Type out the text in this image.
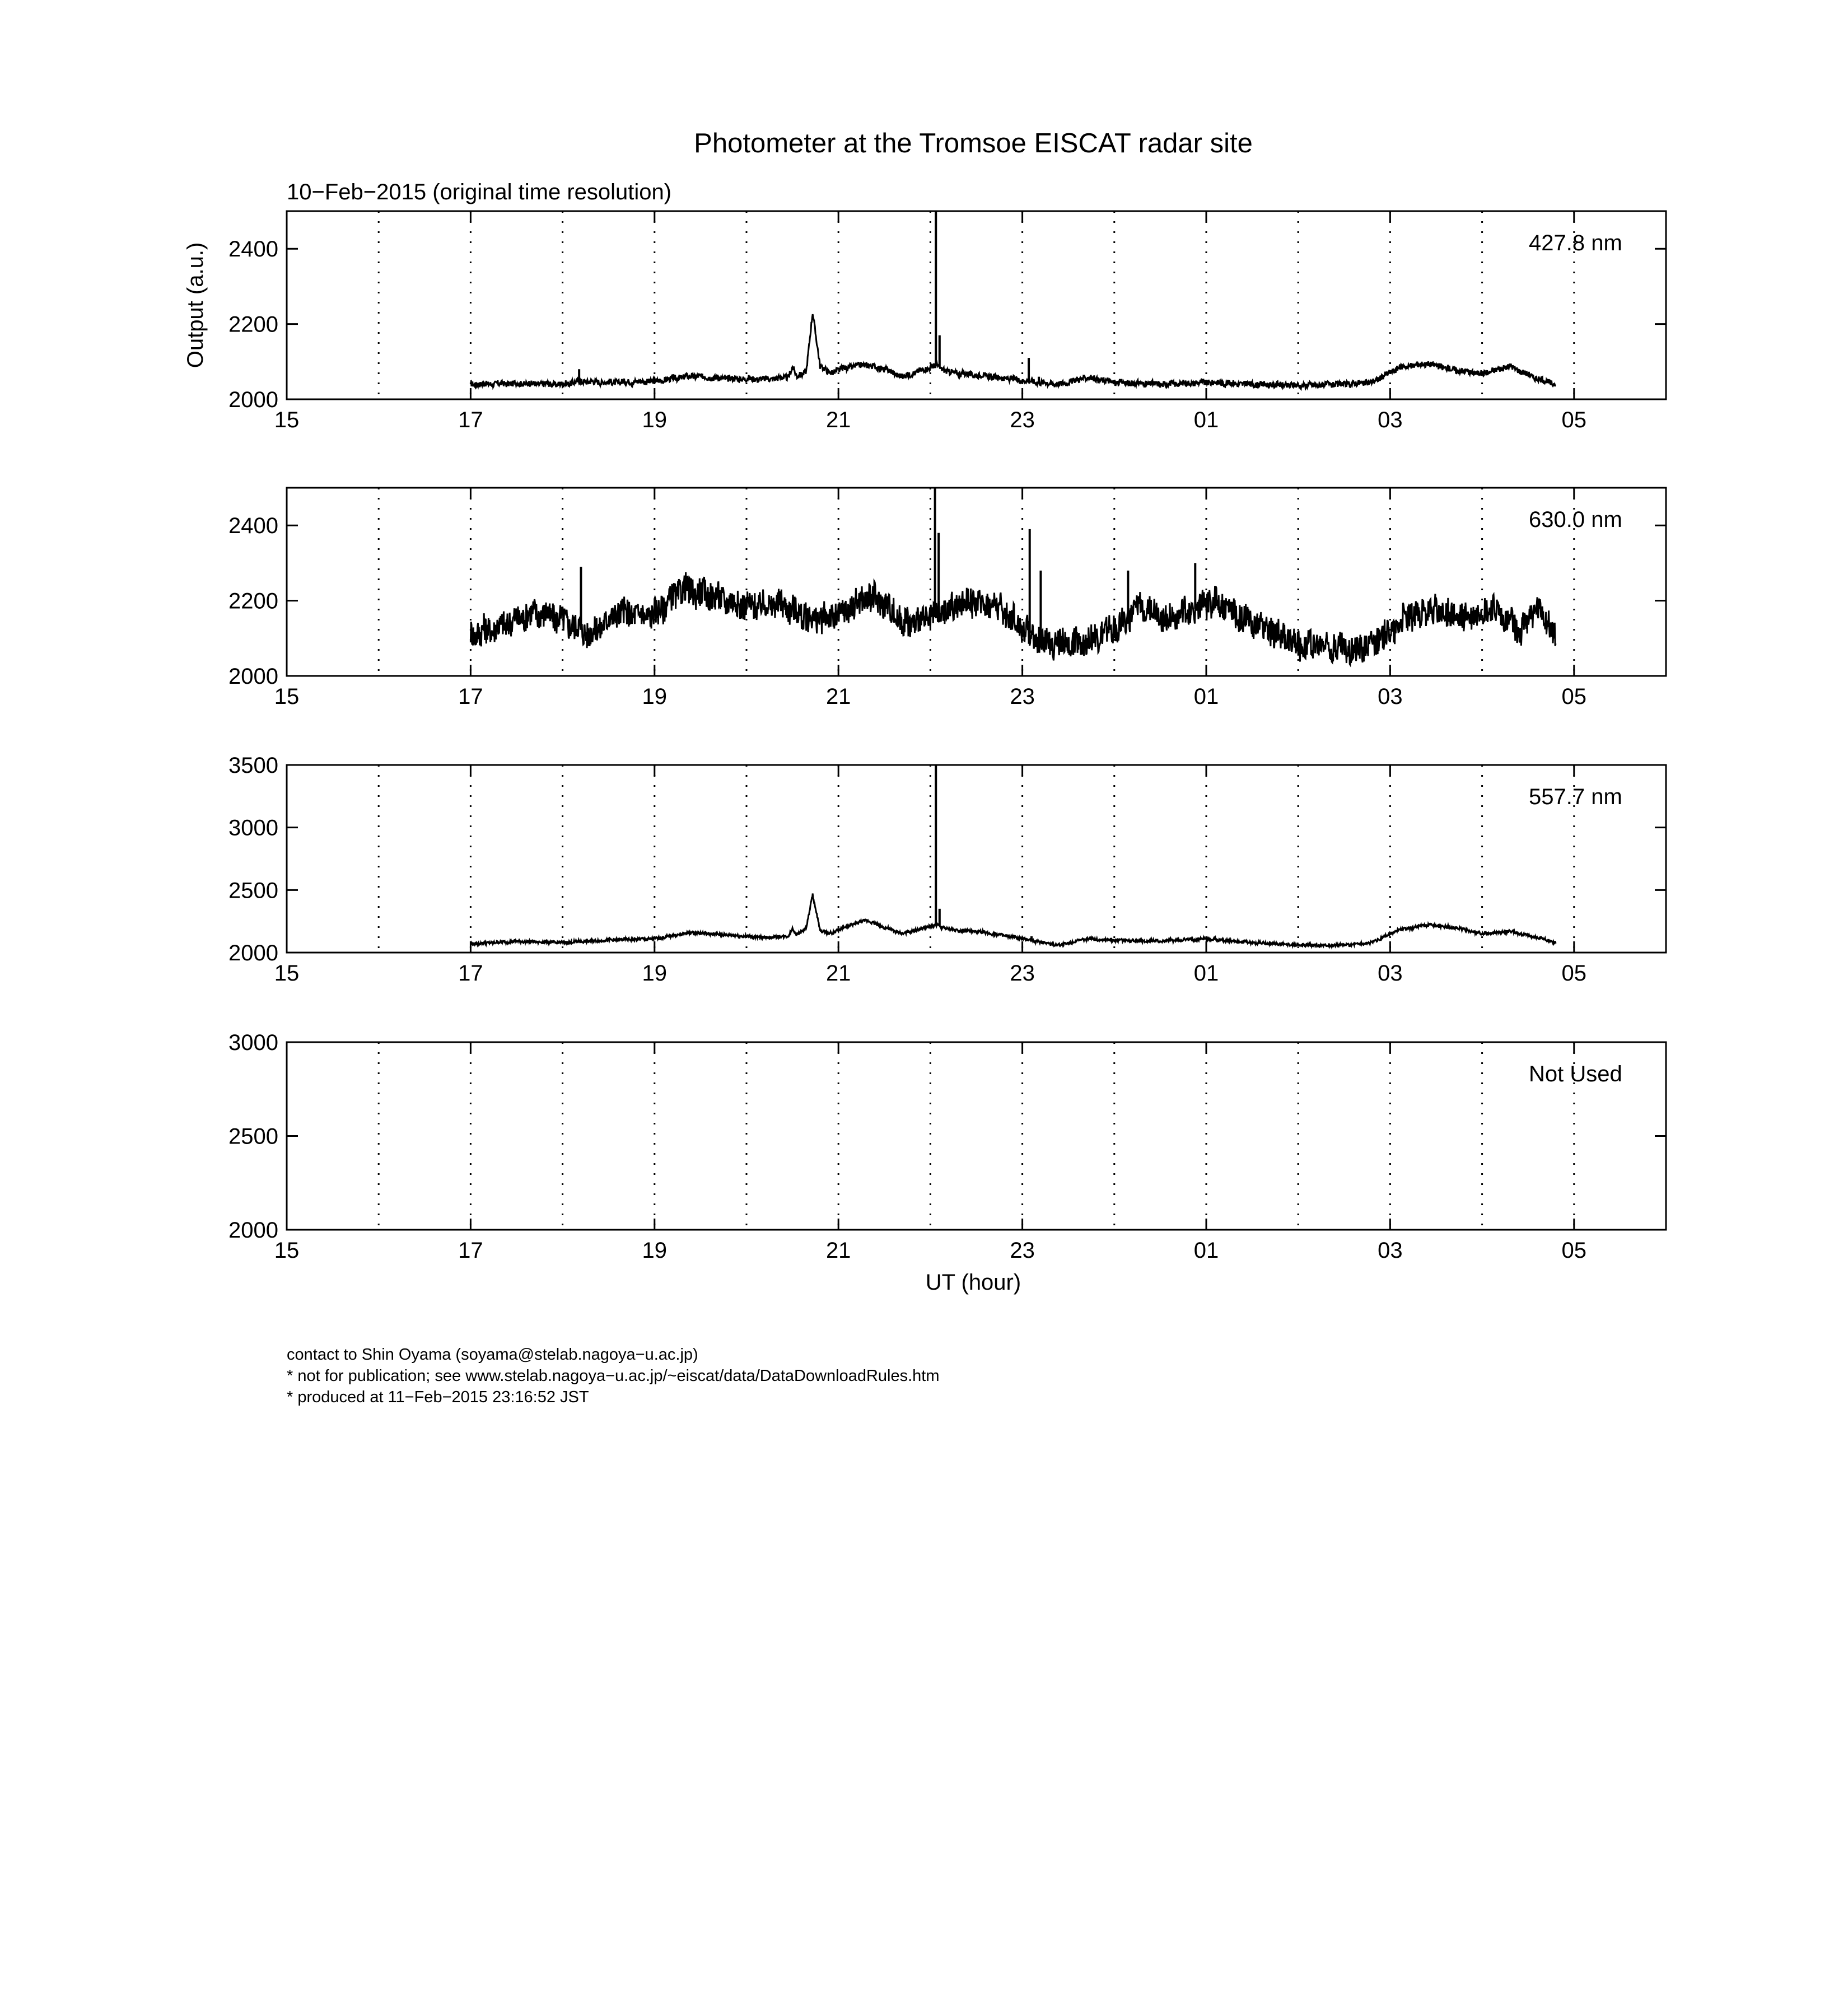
Photometer at the Tromsoe EISCAT radar site
10−Feb−2015 (original time resolution)
Output (a.u.)
UT (hour)
15	17	19	21	23	01	03	05
2000
2200
2400	427.8 nm
15	17	19	21	23	01	03	05
2000
2200
2400	630.0 nm
15	17	19	21	23	01	03	05
2000
2500
3000
3500
557.7 nm
15	17	19	21	23	01	03	05
2000
2500
3000
Not Used
contact to Shin Oyama (soyama@stelab.nagoya−u.ac.jp)
* not for publication; see www.stelab.nagoya−u.ac.jp/~eiscat/data/DataDownloadRules.htm
* produced at 11−Feb−2015 23:16:52 JST
